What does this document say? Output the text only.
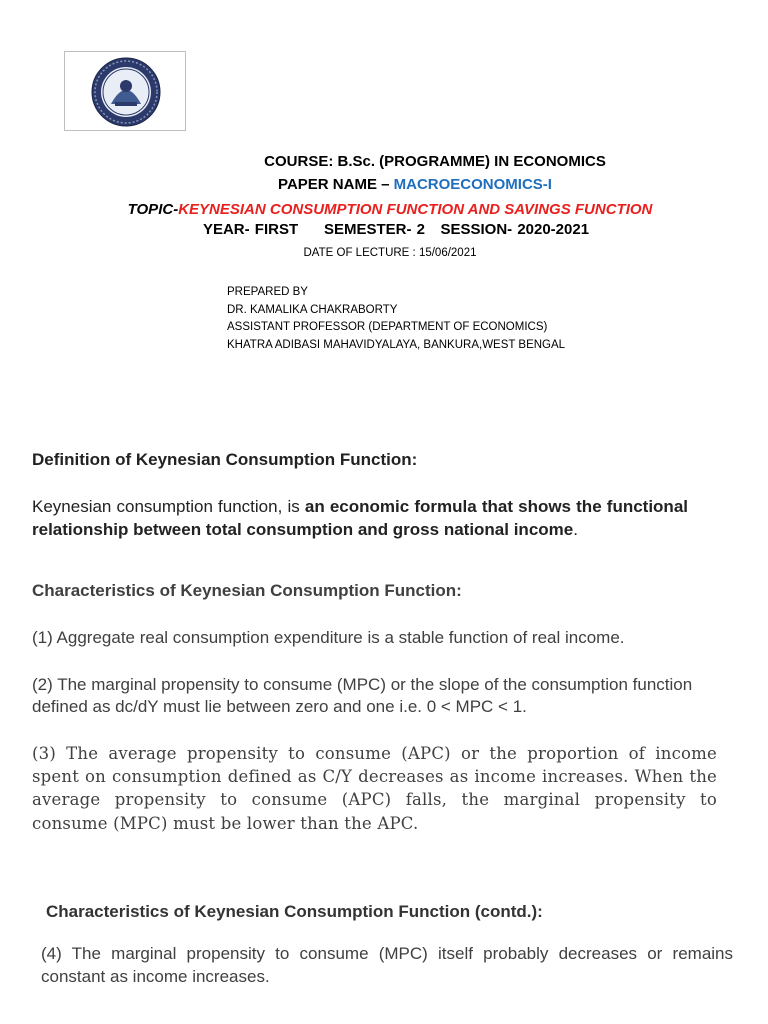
COURSE: B.Sc. (PROGRAMME) IN ECONOMICS
PAPER NAME – MACROECONOMICS-I
TOPIC-KEYNESIAN CONSUMPTION FUNCTION AND SAVINGS FUNCTION
YEAR- FIRST     SEMESTER- 2   SESSION- 2020-2021
DATE OF LECTURE : 15/06/2021
PREPARED BY
DR. KAMALIKA CHAKRABORTY
ASSISTANT PROFESSOR (DEPARTMENT OF ECONOMICS)
KHATRA ADIBASI MAHAVIDYALAYA, BANKURA,WEST BENGAL
Definition of Keynesian Consumption Function:
Keynesian consumption function, is an economic formula that shows the functional relationship between total consumption and gross national income.
Characteristics of Keynesian Consumption Function:
(1) Aggregate real consumption expenditure is a stable function of real income.
(2) The marginal propensity to consume (MPC) or the slope of the consumption function defined as dc/dY must lie between zero and one i.e. 0 < MPC < 1.
(3) The average propensity to consume (APC) or the proportion of income spent on consumption defined as C/Y decreases as income increases. When the average propensity to consume (APC) falls, the marginal propensity to consume (MPC) must be lower than the APC.
Characteristics of Keynesian Consumption Function (contd.):
(4) The marginal propensity to consume (MPC) itself probably decreases or remains constant as income increases.
